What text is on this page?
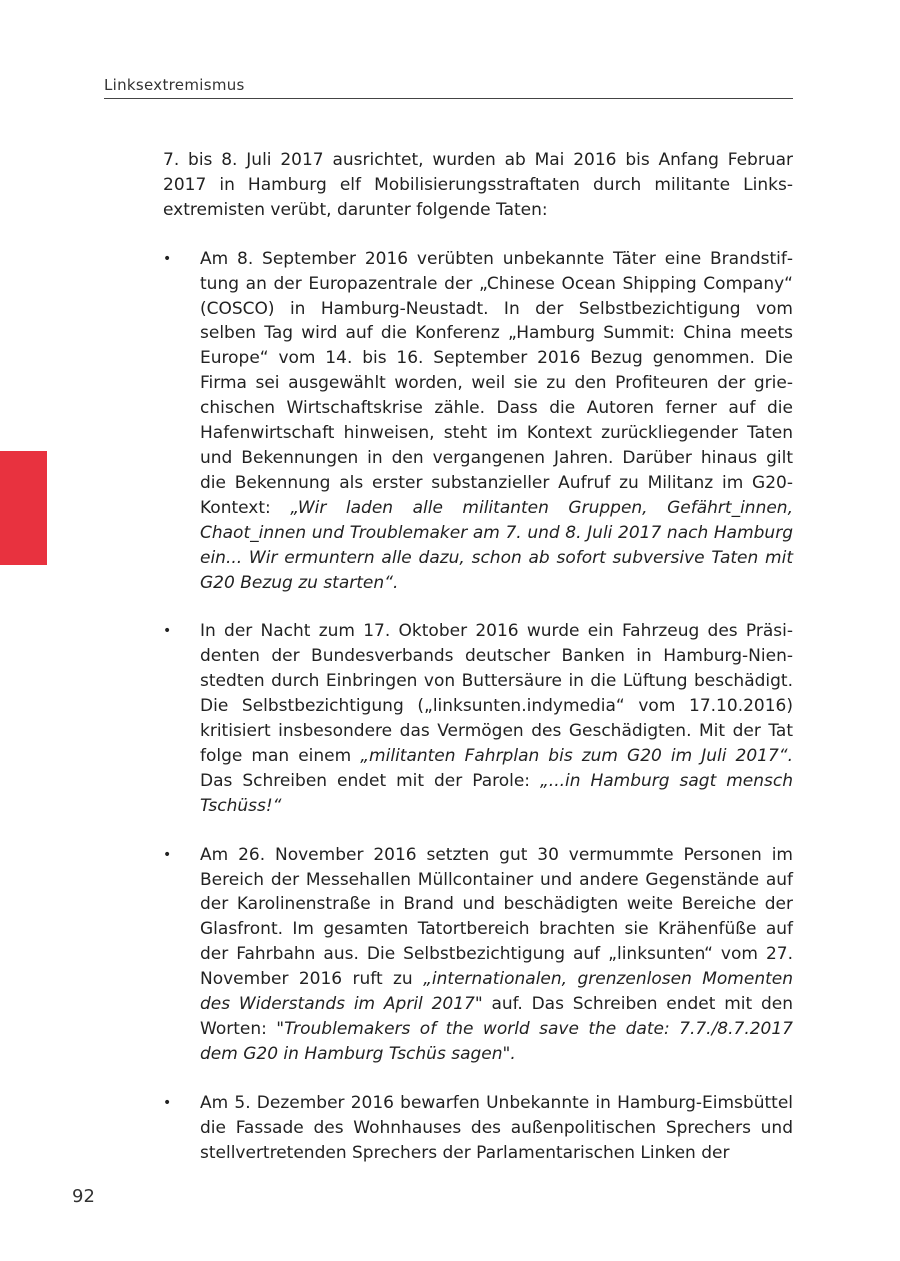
Linksextremismus

7. bis 8. Juli 2017 ausrichtet, wurden ab Mai 2016 bis Anfang Februar 2017 in Hamburg elf Mobilisierungsstraftaten durch militante Linksextremisten verübt, darunter folgende Taten:

•	Am 8. September 2016 verübten unbekannte Täter eine Brandstiftung an der Europazentrale der „Chinese Ocean Shipping Company“ (COSCO) in Hamburg-Neustadt. In der Selbstbezichtigung vom selben Tag wird auf die Konferenz „Hamburg Summit: China meets Europe“ vom 14. bis 16. September 2016 Bezug genommen. Die Firma sei ausgewählt worden, weil sie zu den Profiteuren der griechischen Wirtschaftskrise zähle. Dass die Autoren ferner auf die Hafenwirtschaft hinweisen, steht im Kontext zurückliegender Taten und Bekennungen in den vergangenen Jahren. Darüber hinaus gilt die Bekennung als erster substanzieller Aufruf zu Militanz im G20-Kontext: „Wir laden alle militanten Gruppen, Gefährt_innen, Chaot_innen und Troublemaker am 7. und 8. Juli 2017 nach Hamburg ein... Wir ermuntern alle dazu, schon ab sofort subversive Taten mit G20 Bezug zu starten“.
•	In der Nacht zum 17. Oktober 2016 wurde ein Fahrzeug des Präsidenten der Bundesverbands deutscher Banken in Hamburg-Nienstedten durch Einbringen von Buttersäure in die Lüftung beschädigt. Die Selbstbezichtigung („linksunten.indymedia“ vom 17.10.2016) kritisiert insbesondere das Vermögen des Geschädigten. Mit der Tat folge man einem „militanten Fahrplan bis zum G20 im Juli 2017“. Das Schreiben endet mit der Parole: „...in Hamburg sagt mensch Tschüss!“
•	Am 26. November 2016 setzten gut 30 vermummte Personen im Bereich der Messehallen Müllcontainer und andere Gegenstände auf der Karolinenstraße in Brand und beschädigten weite Bereiche der Glasfront. Im gesamten Tatortbereich brachten sie Krähenfüße auf der Fahrbahn aus. Die Selbstbezichtigung auf „linksunten“ vom 27. November 2016 ruft zu „internationalen, grenzenlosen Momenten des Widerstands im April 2017" auf. Das Schreiben endet mit den Worten: "Troublemakers of the world save the date: 7.7./8.7.2017 dem G20 in Hamburg Tschüs sagen".
•	Am 5. Dezember 2016 bewarfen Unbekannte in Hamburg-Eimsbüttel die Fassade des Wohnhauses des außenpolitischen Sprechers und stellvertretenden Sprechers der Parlamentarischen Linken der
92
